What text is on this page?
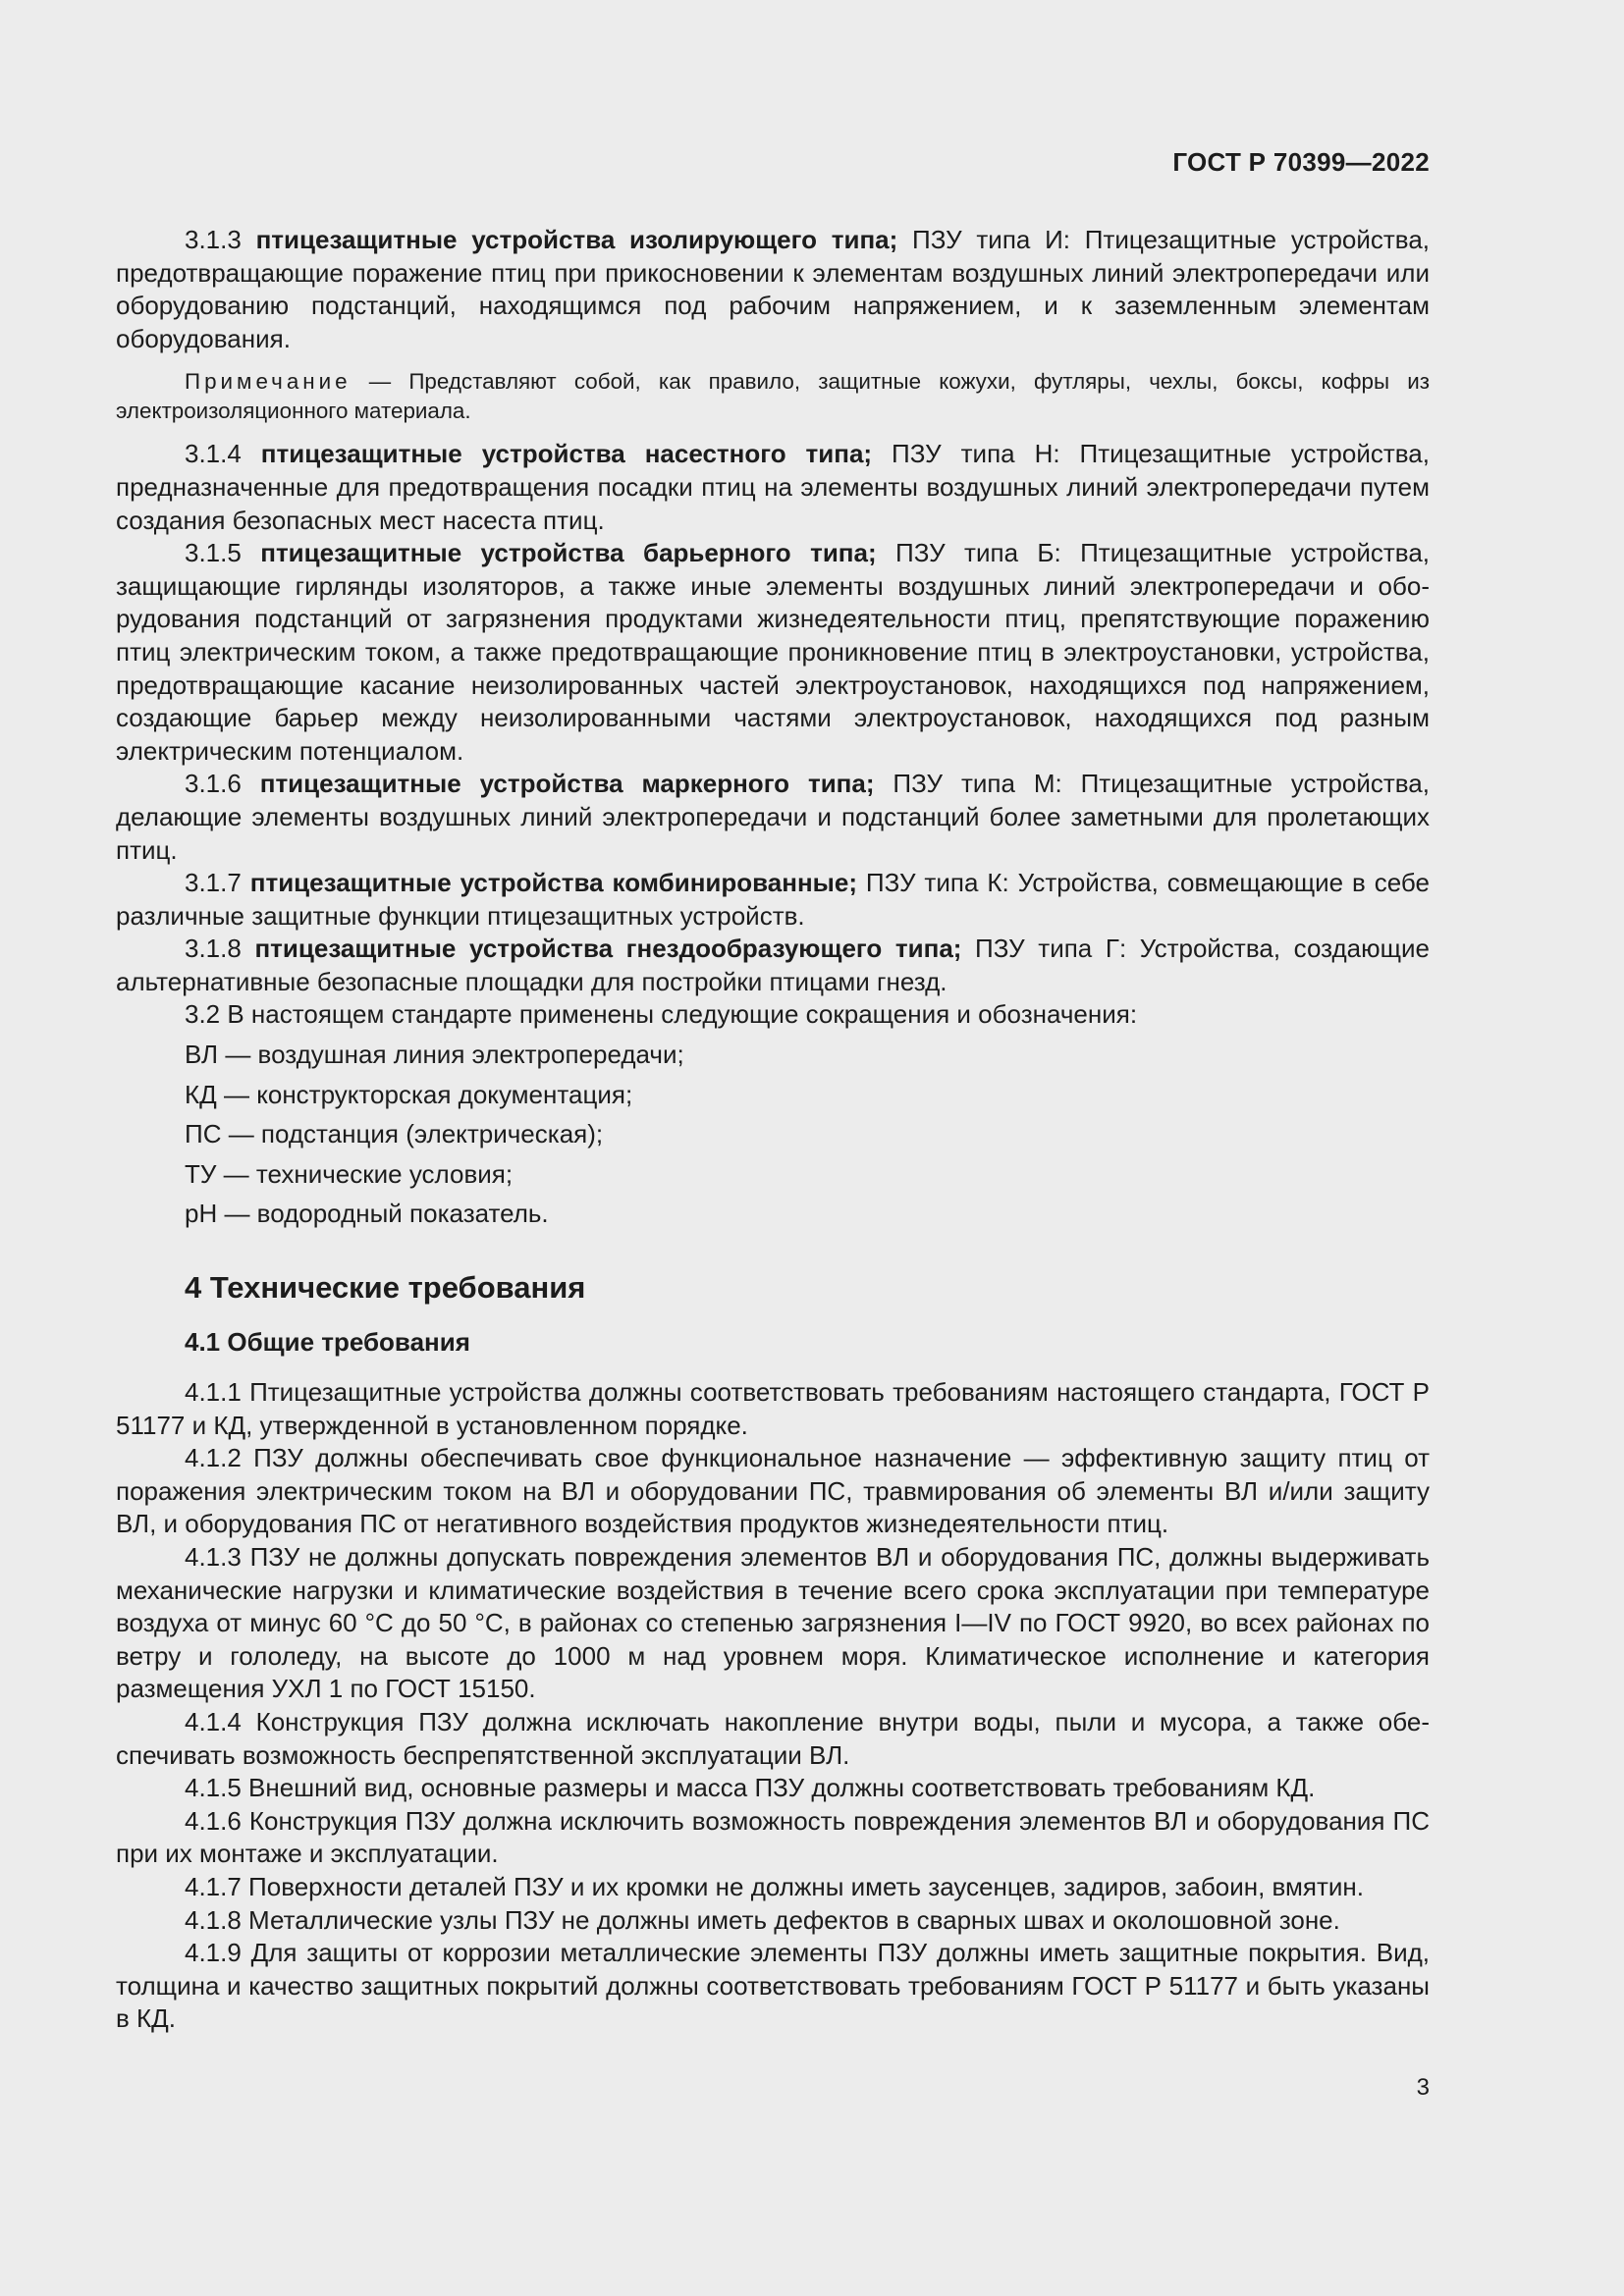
ГОСТ Р 70399—2022

3.1.3 птицезащитные устройства изолирующего типа; ПЗУ типа И: Птицезащитные устройства, предотвращающие поражение птиц при прикосновении к элементам воздушных линий электропередачи или оборудованию подстанций, находящимся под рабочим напряжением, и к заземленным элементам оборудования.

Примечание — Представляют собой, как правило, защитные кожухи, футляры, чехлы, боксы, кофры из электроизоляционного материала.

3.1.4 птицезащитные устройства насестного типа; ПЗУ типа Н: Птицезащитные устройства, предназначенные для предотвращения посадки птиц на элементы воздушных линий электропередачи путем создания безопасных мест насеста птиц.

3.1.5 птицезащитные устройства барьерного типа; ПЗУ типа Б: Птицезащитные устройства, защищающие гирлянды изоляторов, а также иные элементы воздушных линий электропередачи и оборудования подстанций от загрязнения продуктами жизнедеятельности птиц, препятствующие поражению птиц электрическим током, а также предотвращающие проникновение птиц в электроустановки, устройства, предотвращающие касание неизолированных частей электроустановок, находящихся под напряжением, создающие барьер между неизолированными частями электроустановок, находящихся под разным электрическим потенциалом.

3.1.6 птицезащитные устройства маркерного типа; ПЗУ типа М: Птицезащитные устройства, делающие элементы воздушных линий электропередачи и подстанций более заметными для пролетающих птиц.

3.1.7 птицезащитные устройства комбинированные; ПЗУ типа К: Устройства, совмещающие в себе различные защитные функции птицезащитных устройств.

3.1.8 птицезащитные устройства гнездообразующего типа; ПЗУ типа Г: Устройства, создающие альтернативные безопасные площадки для постройки птицами гнезд.

3.2 В настоящем стандарте применены следующие сокращения и обозначения:

ВЛ — воздушная линия электропередачи;

КД — конструкторская документация;

ПС — подстанция (электрическая);

ТУ — технические условия;

рН — водородный показатель.

4 Технические требования
4.1 Общие требования

4.1.1 Птицезащитные устройства должны соответствовать требованиям настоящего стандарта, ГОСТ Р 51177 и КД, утвержденной в установленном порядке.

4.1.2 ПЗУ должны обеспечивать свое функциональное назначение — эффективную защиту птиц от поражения электрическим током на ВЛ и оборудовании ПС, травмирования об элементы ВЛ и/или защиту ВЛ, и оборудования ПС от негативного воздействия продуктов жизнедеятельности птиц.

4.1.3 ПЗУ не должны допускать повреждения элементов ВЛ и оборудования ПС, должны выдерживать механические нагрузки и климатические воздействия в течение всего срока эксплуатации при температуре воздуха от минус 60 °С до 50 °С, в районах со степенью загрязнения I—IV по ГОСТ 9920, во всех районах по ветру и гололеду, на высоте до 1000 м над уровнем моря. Климатическое исполнение и категория размещения УХЛ 1 по ГОСТ 15150.

4.1.4 Конструкция ПЗУ должна исключать накопление внутри воды, пыли и мусора, а также обеспечивать возможность беспрепятственной эксплуатации ВЛ.

4.1.5 Внешний вид, основные размеры и масса ПЗУ должны соответствовать требованиям КД.

4.1.6 Конструкция ПЗУ должна исключить возможность повреждения элементов ВЛ и оборудования ПС при их монтаже и эксплуатации.

4.1.7 Поверхности деталей ПЗУ и их кромки не должны иметь заусенцев, задиров, забоин, вмятин.

4.1.8 Металлические узлы ПЗУ не должны иметь дефектов в сварных швах и околошовной зоне.

4.1.9 Для защиты от коррозии металлические элементы ПЗУ должны иметь защитные покрытия. Вид, толщина и качество защитных покрытий должны соответствовать требованиям ГОСТ Р 51177 и быть указаны в КД.

3
